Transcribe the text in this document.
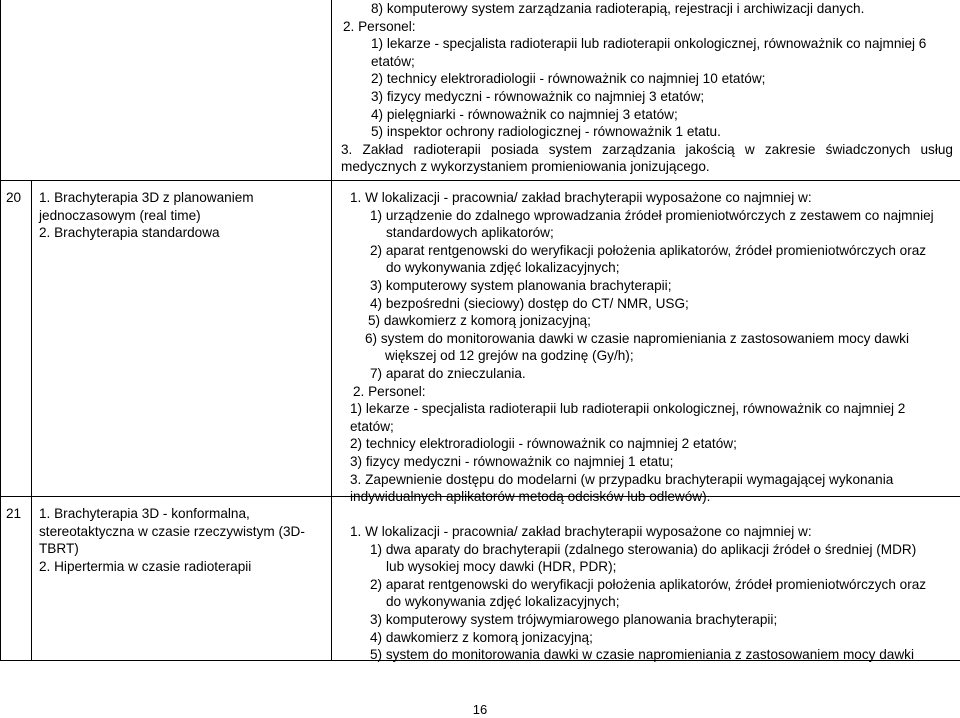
8) komputerowy system zarządzania radioterapią, rejestracji i archiwizacji danych.
2. Personel:
1) lekarze - specjalista radioterapii lub radioterapii onkologicznej, równoważnik co najmniej 6
etatów;
2) technicy elektroradiologii - równoważnik co najmniej 10 etatów;
3) fizycy medyczni - równoważnik co najmniej 3 etatów;
4) pielęgniarki - równoważnik co najmniej 3 etatów;
5) inspektor ochrony radiologicznej - równoważnik 1 etatu.
3. Zakład radioterapii posiada system zarządzania jakością w zakresie świadczonych usług medycznych z wykorzystaniem promieniowania jonizującego.
20 1. Brachyterapia 3D z planowaniem
jednoczasowym (real time)
2. Brachyterapia standardowa
1. W lokalizacji - pracownia/ zakład brachyterapii wyposażone co najmniej w:
1) urządzenie do zdalnego wprowadzania źródeł promieniotwórczych z zestawem co najmniej
standardowych aplikatorów;
2) aparat rentgenowski do weryfikacji położenia aplikatorów, źródeł promieniotwórczych oraz
do wykonywania zdjęć lokalizacyjnych;
3) komputerowy system planowania brachyterapii;
4) bezpośredni (sieciowy) dostęp do CT/ NMR, USG;
5) dawkomierz z komorą jonizacyjną;
6) system do monitorowania dawki w czasie napromieniania z zastosowaniem mocy dawki
większej od 12 grejów na godzinę (Gy/h);
7) aparat do znieczulania.
2. Personel:
1) lekarze - specjalista radioterapii lub radioterapii onkologicznej, równoważnik co najmniej 2
etatów;
2) technicy elektroradiologii - równoważnik co najmniej 2 etatów;
3) fizycy medyczni - równoważnik co najmniej 1 etatu;
3. Zapewnienie dostępu do modelarni (w przypadku brachyterapii wymagającej wykonania
indywidualnych aplikatorów metodą odcisków lub odlewów).
21 1. Brachyterapia 3D - konformalna,
stereotaktyczna w czasie rzeczywistym (3D-
TBRT)
2. Hipertermia w czasie radioterapii
1. W lokalizacji - pracownia/ zakład brachyterapii wyposażone co najmniej w:
1) dwa aparaty do brachyterapii (zdalnego sterowania) do aplikacji źródeł o średniej (MDR)
lub wysokiej mocy dawki (HDR, PDR);
2) aparat rentgenowski do weryfikacji położenia aplikatorów, źródeł promieniotwórczych oraz
do wykonywania zdjęć lokalizacyjnych;
3) komputerowy system trójwymiarowego planowania brachyterapii;
4) dawkomierz z komorą jonizacyjną;
5) system do monitorowania dawki w czasie napromieniania z zastosowaniem mocy dawki
16
